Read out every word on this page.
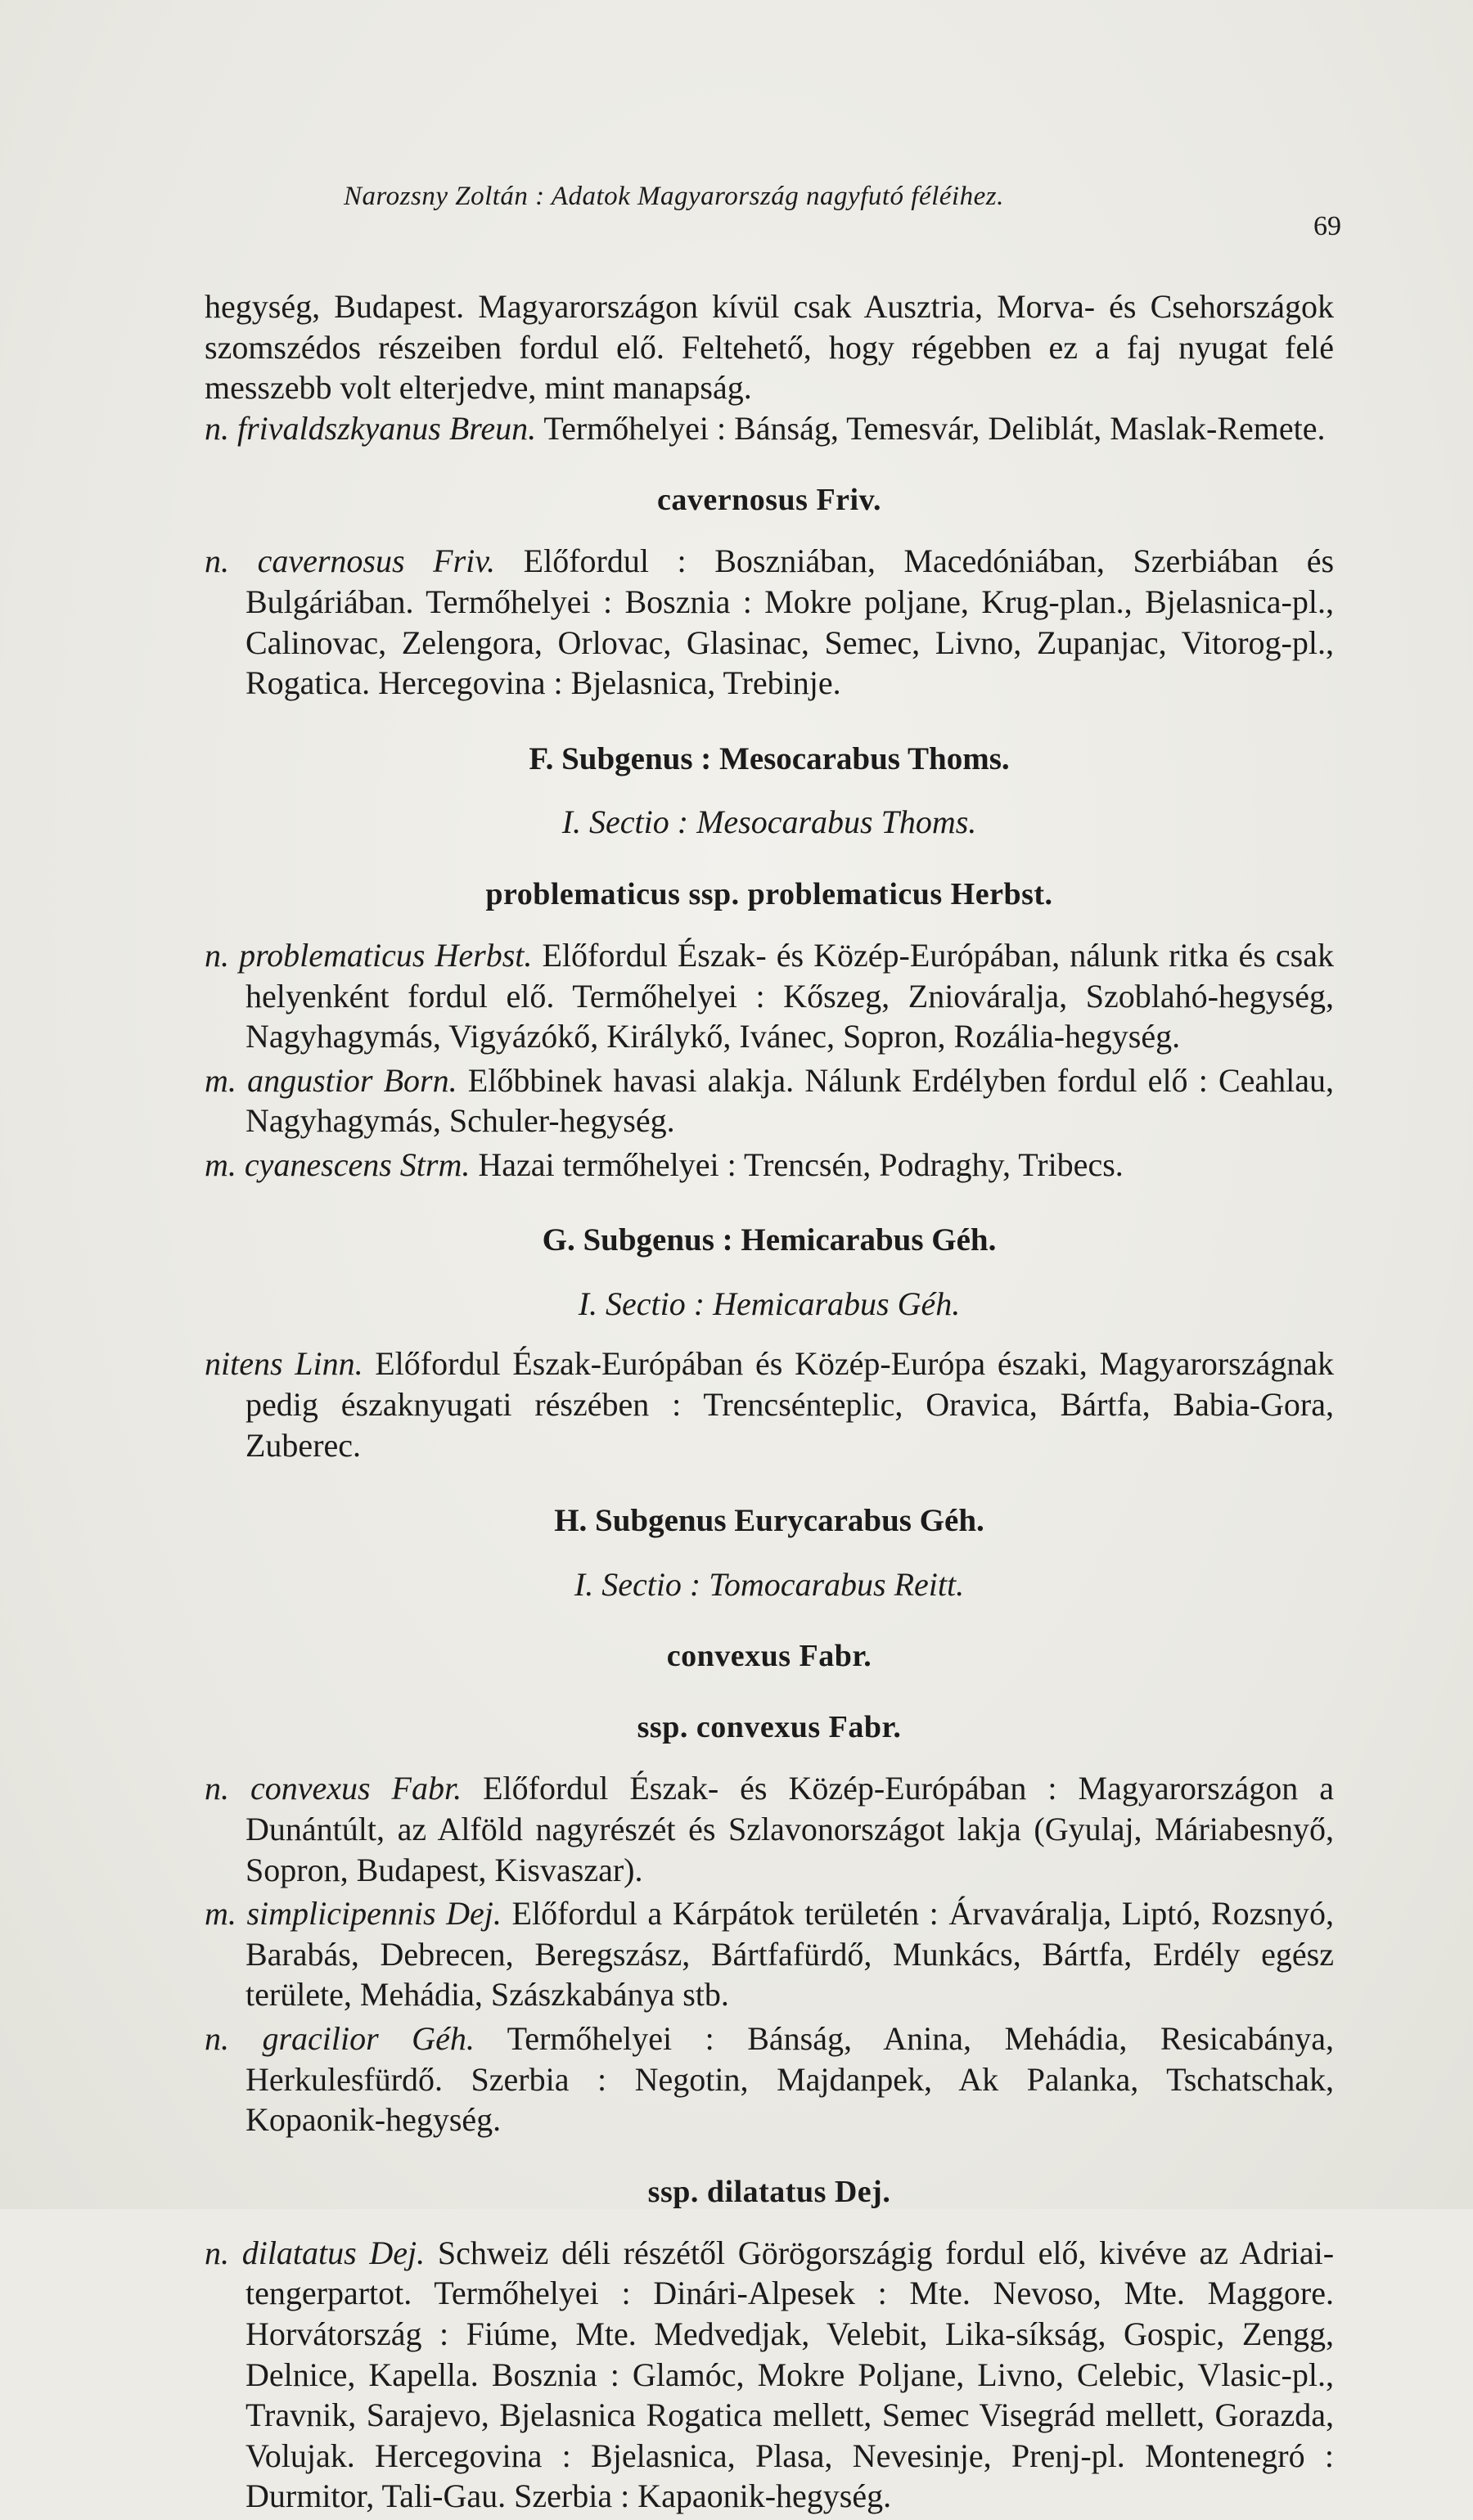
Narozsny Zoltán : Adatok Magyarország nagyfutó féléihez.
69

hegység, Budapest. Magyarországon kívül csak Ausztria, Morva- és Csehországok szomszédos részeiben fordul elő. Feltehető, hogy régebben ez a faj nyugat felé messzebb volt elterjedve, mint manapság.

n. frivaldszkyanus Breun. Termőhelyei : Bánság, Temesvár, Deliblát, Maslak-Remete.

cavernosus Friv.

n. cavernosus Friv. Előfordul : Boszniában, Macedóniában, Szerbiában és Bulgáriában. Termőhelyei : Bosznia : Mokre poljane, Krug-plan., Bjelasnica-pl., Calinovac, Zelengora, Orlovac, Glasinac, Semec, Livno, Zupanjac, Vitorog-pl., Rogatica. Hercegovina : Bjelasnica, Trebinje.

F. Subgenus : Mesocarabus Thoms.

I. Sectio : Mesocarabus Thoms.

problematicus ssp. problematicus Herbst.

n. problematicus Herbst. Előfordul Észak- és Közép-Európában, nálunk ritka és csak helyenként fordul elő. Termőhelyei : Kőszeg, Zniováralja, Szoblahó-hegység, Nagyhagymás, Vigyázókő, Királykő, Ivánec, Sopron, Rozália-hegység.

m. angustior Born. Előbbinek havasi alakja. Nálunk Erdélyben fordul elő : Ceahlau, Nagyhagymás, Schuler-hegység.

m. cyanescens Strm. Hazai termőhelyei : Trencsén, Podraghy, Tribecs.

G. Subgenus : Hemicarabus Géh.

I. Sectio : Hemicarabus Géh.

nitens Linn. Előfordul Észak-Európában és Közép-Európa északi, Magyarországnak pedig északnyugati részében : Trencsénteplic, Oravica, Bártfa, Babia-Gora, Zuberec.

H. Subgenus Eurycarabus Géh.

I. Sectio : Tomocarabus Reitt.

convexus Fabr.

ssp. convexus Fabr.

n. convexus Fabr. Előfordul Észak- és Közép-Európában : Magyarországon a Dunántúlt, az Alföld nagyrészét és Szlavonországot lakja (Gyulaj, Máriabesnyő, Sopron, Budapest, Kisvaszar).

m. simplicipennis Dej. Előfordul a Kárpátok területén : Árvaváralja, Liptó, Rozsnyó, Barabás, Debrecen, Beregszász, Bártfafürdő, Munkács, Bártfa, Erdély egész területe, Mehádia, Szászkabánya stb.

n. gracilior Géh. Termőhelyei : Bánság, Anina, Mehádia, Resicabánya, Herkulesfürdő. Szerbia : Negotin, Majdanpek, Ak Palanka, Tschatschak, Kopaonik-hegység.

ssp. dilatatus Dej.

n. dilatatus Dej. Schweiz déli részétől Görögországig fordul elő, kivéve az Adriai-tengerpartot. Termőhelyei : Dinári-Alpesek : Mte. Nevoso, Mte. Maggore. Horvátország : Fiúme, Mte. Medvedjak, Velebit, Lika-síkság, Gospic, Zengg, Delnice, Kapella. Bosznia : Glamóc, Mokre Poljane, Livno, Celebic, Vlasic-pl., Travnik, Sarajevo, Bjelasnica Rogatica mellett, Semec Visegrád mellett, Gorazda, Volujak. Hercegovina : Bjelasnica, Plasa, Nevesinje, Prenj-pl. Montenegró : Durmitor, Tali-Gau. Szerbia : Kapaonik-hegység.
